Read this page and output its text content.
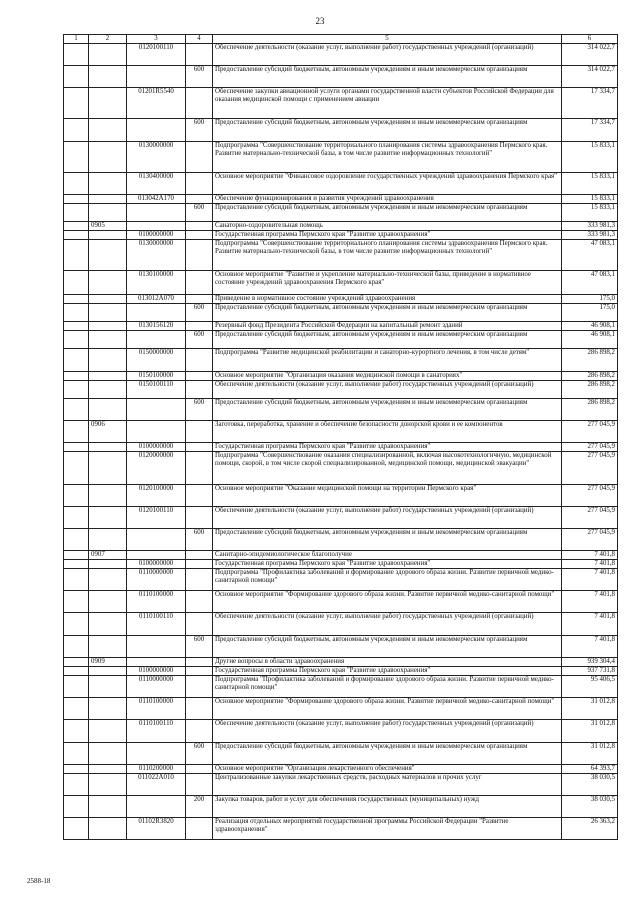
23
1	2	3	4	5	6
		0120100110		Обеспечение деятельности (оказание услуг, выполнение работ) государственных учреждений (организаций)	314 022,7
			600	Предоставление субсидий бюджетным, автономным учреждениям и иным некоммерческим организациям	314 022,7
		01201R5540		Обеспечение закупки авиационной услуги органами государственной власти субъектов Российской Федерации для оказания медицинской помощи с применением авиации	17 334,7
			600	Предоставление субсидий бюджетным, автономным учреждениям и иным некоммерческим организациям	17 334,7
		0130000000		Подпрограмма "Совершенствование территориального планирования системы здравоохранения Пермского края. Развитие материально-технической базы, в том числе развитие информационных технологий"	15 833,1
		0130400000		Основное мероприятие "Финансовое оздоровление государственных учреждений здравоохранения Пермского края"	15 833,1
		013042А170		Обеспечение функционирования и развития учреждений здравоохранения	15 833,1
			600	Предоставление субсидий бюджетным, автономным учреждениям и иным некоммерческим организациям	15 833,1
	0905			Санаторно-оздоровительная помощь	333 981,3
		0100000000		Государственная программа Пермского края "Развитие здравоохранения"	333 981,3
		0130000000		Подпрограмма "Совершенствование территориального планирования системы здравоохранения Пермского края. Развитие материально-технической базы, в том числе развитие информационных технологий"	47 083,1
		0130100000		Основное мероприятие "Развитие и укрепление материально-технической базы, приведение в нормативное состояние учреждений здравоохранения Пермского края"	47 083,1
		013012А070		Приведение в нормативное состояние учреждений здравоохранения	175,0
			600	Предоставление субсидий бюджетным, автономным учреждениям и иным некоммерческим организациям	175,0
		0130156120		Резервный фонд Президента Российской Федерации на капитальный ремонт зданий	46 908,1
			600	Предоставление субсидий бюджетным, автономным учреждениям и иным некоммерческим организациям	46 908,1
		0150000000		Подпрограмма "Развитие медицинской реабилитации и санаторно-курортного лечения, в том числе детям"	286 898,2
		0150100000		Основное мероприятие "Организация оказания медицинской помощи в санаториях"	286 898,2
		0150100110		Обеспечение деятельности (оказание услуг, выполнение работ) государственных учреждений (организаций)	286 898,2
			600	Предоставление субсидий бюджетным, автономным учреждениям и иным некоммерческим организациям	286 898,2
	0906			Заготовка, переработка, хранение и обеспечение безопасности донорской крови и ее компонентов	277 045,9
		0100000000		Государственная программа Пермского края "Развитие здравоохранения"	277 045,9
		0120000000		Подпрограмма "Совершенствование оказания специализированной, включая высокотехнологичную, медицинской помощи, скорой, в том числе скорой специализированной, медицинской помощи, медицинской эвакуации"	277 045,9
		0120100000		Основное мероприятие "Оказание медицинской помощи на территории Пермского края"	277 045,9
		0120100110		Обеспечение деятельности (оказание услуг, выполнение работ) государственных учреждений (организаций)	277 045,9
			600	Предоставление субсидий бюджетным, автономным учреждениям и иным некоммерческим организациям	277 045,9
	0907			Санитарно-эпидемиологическое благополучие	7 401,8
		0100000000		Государственная программа Пермского края "Развитие здравоохранения"	7 401,8
		0110000000		Подпрограмма "Профилактика заболеваний и формирование здорового образа жизни. Развитие первичной медико-санитарной помощи"	7 401,8
		0110100000		Основное мероприятие "Формирование здорового образа жизни. Развитие первичной медико-санитарной помощи"	7 401,8
		0110100110		Обеспечение деятельности (оказание услуг, выполнение работ) государственных учреждений (организаций)	7 401,8
			600	Предоставление субсидий бюджетным, автономным учреждениям и иным некоммерческим организациям	7 401,8
	0909			Другие вопросы в области здравоохранения	939 304,4
		0100000000		Государственная программа Пермского края "Развитие здравоохранения"	937 731,8
		0110000000		Подпрограмма "Профилактика заболеваний и формирование здорового образа жизни. Развитие первичной медико-санитарной помощи"	95 406,5
		0110100000		Основное мероприятие "Формирование здорового образа жизни. Развитие первичной медико-санитарной помощи"	31 012,8
		0110100110		Обеспечение деятельности (оказание услуг, выполнение работ) государственных учреждений (организаций)	31 012,8
			600	Предоставление субсидий бюджетным, автономным учреждениям и иным некоммерческим организациям	31 012,8
		0110200000		Основное мероприятие "Организация лекарственного обеспечения"	64 393,7
		011022А010		Централизованные закупки лекарственных средств, расходных материалов и прочих услуг	38 030,5
			200	Закупка товаров, работ и услуг для обеспечения государственных (муниципальных) нужд	38 030,5
		01102R3820		Реализация отдельных мероприятий государственной программы Российской Федерации "Развитие здравоохранения"	26 363,2
2588-18
